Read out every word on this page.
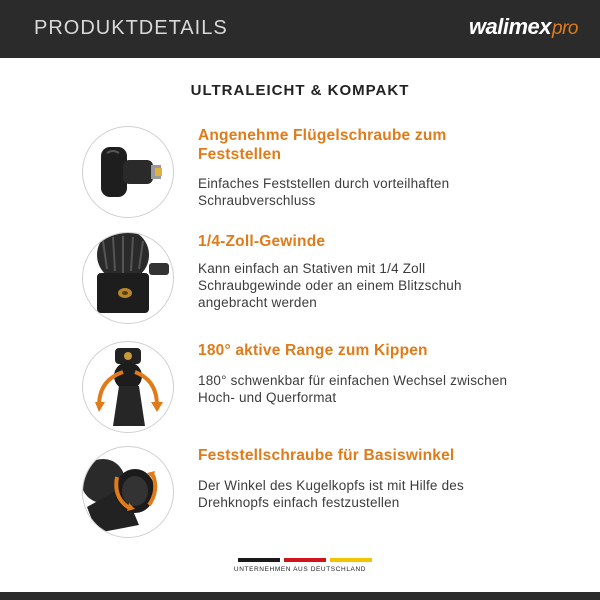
PRODUKTDETAILS	walimexpro
ULTRALEICHT & KOMPAKT
Angenehme Flügelschraube zum Feststellen
Einfaches Feststellen durch vorteilhaften Schraubverschluss
1/4-Zoll-Gewinde
Kann einfach an Stativen mit 1/4 Zoll Schraubgewinde oder an einem Blitzschuh angebracht werden
180° aktive Range zum Kippen
180° schwenkbar für einfachen Wechsel zwischen Hoch- und Querformat
Feststellschraube für Basiswinkel
Der Winkel des Kugelkopfs ist mit Hilfe des Drehknopfs einfach festzustellen
UNTERNEHMEN AUS DEUTSCHLAND
